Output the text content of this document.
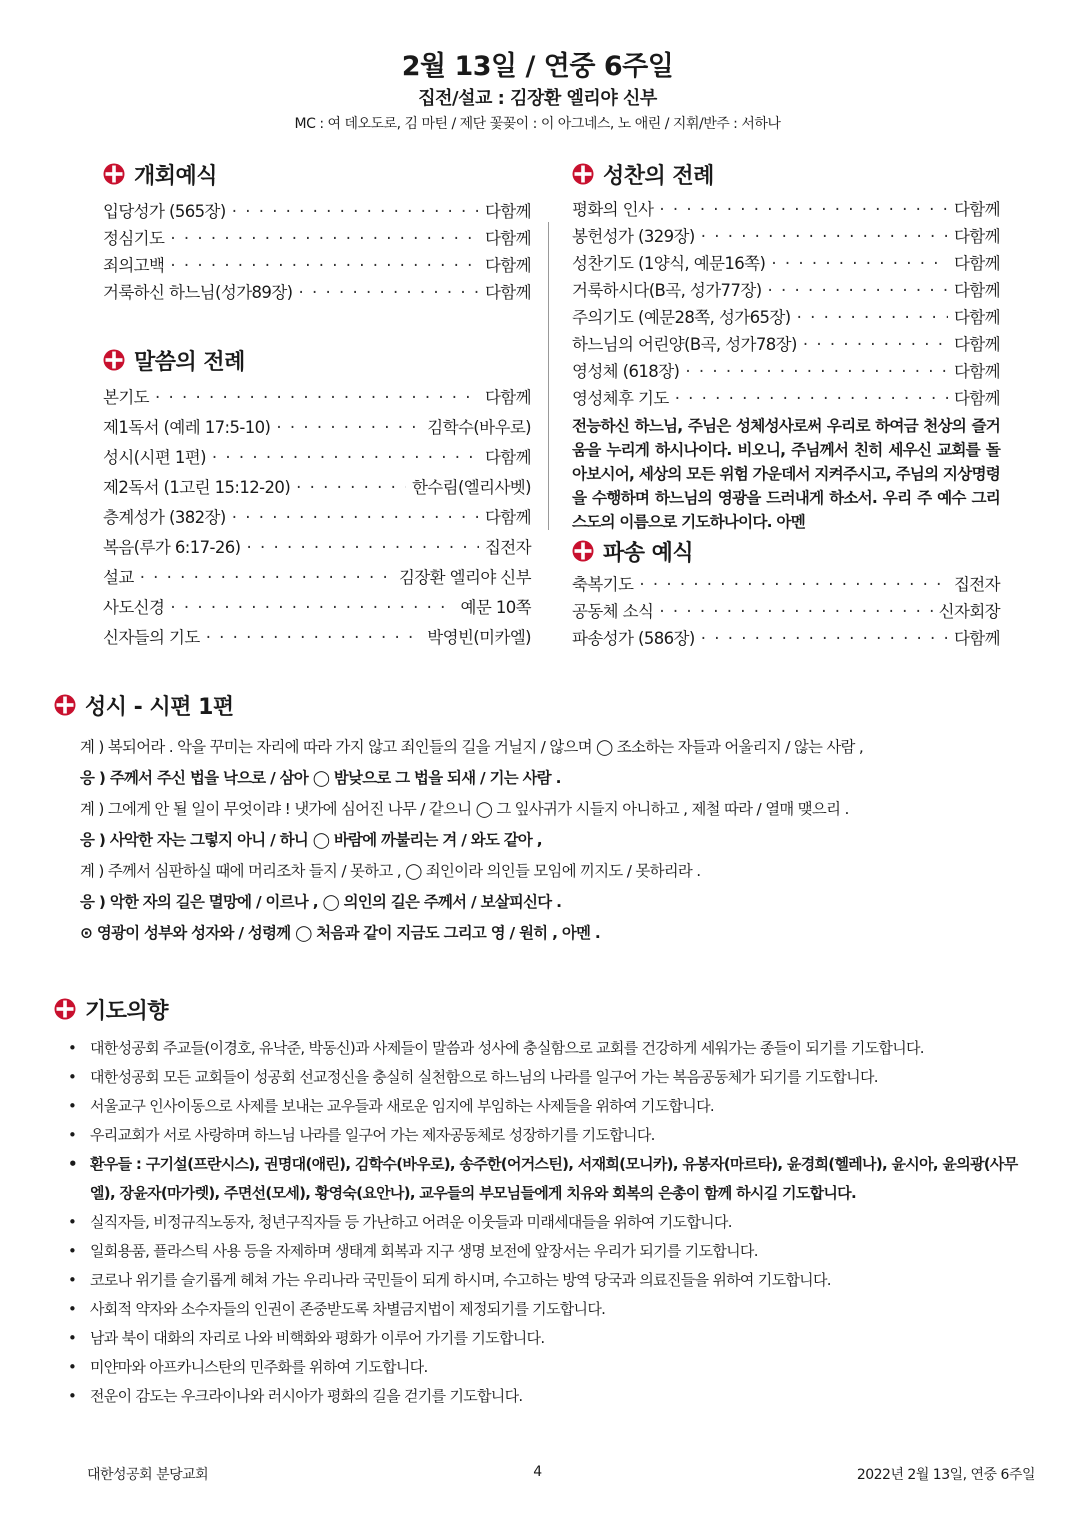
2월 13일 / 연중 6주일
집전/설교 : 김장환 엘리야 신부
MC : 여 데오도로, 김 마틴 / 제단 꽃꽂이 : 이 아그네스, 노 애린 / 지휘/반주 : 서하나
개회예식
입당성가 (565장) · · ·	다함께
정심기도 · · ·	다함께
죄의고백 · · ·	다함께
거룩하신 하느님(성가89장) · · ·	다함께
말씀의 전례
본기도 · · ·	다함께
제1독서 (예레 17:5-10) · · ·	김학수(바우로)
성시(시편 1편) · · ·	다함께
제2독서 (1고린 15:12-20) · · ·	한수림(엘리사벳)
층계성가 (382장) · · ·	다함께
복음(루가 6:17-26) · · ·	집전자
설교 · · ·	김장환 엘리야 신부
사도신경 · · ·	예문 10쪽
신자들의 기도 · · ·	박영빈(미카엘)
성찬의 전례
평화의 인사 · · ·	다함께
봉헌성가 (329장) · · ·	다함께
성찬기도 (1양식, 예문16쪽) · · ·	다함께
거룩하시다(B곡, 성가77장) · · ·	다함께
주의기도 (예문28쪽, 성가65장) · · ·	다함께
하느님의 어린양(B곡, 성가78장) · · ·	다함께
영성체 (618장) · · ·	다함께
영성체후 기도 · · ·	다함께
전능하신 하느님, 주님은 성체성사로써 우리로 하여금 천상의 즐거움을 누리게 하시나이다. 비오니, 주님께서 친히 세우신 교회를 돌아보시어, 세상의 모든 위험 가운데서 지켜주시고, 주님의 지상명령을 수행하며 하느님의 영광을 드러내게 하소서. 우리 주 예수 그리스도의 이름으로 기도하나이다. 아멘
파송 예식
축복기도 · · ·	집전자
공동체 소식 · · ·	신자회장
파송성가 (586장) · · ·	다함께
성시 - 시편 1편
계 ) 복되어라 . 악을 꾸미는 자리에 따라 가지 않고 죄인들의 길을 거닐지 / 않으며 ◯ 조소하는 자들과 어울리지 / 않는 사람 ,
응 ) 주께서 주신 법을 낙으로 / 삼아 ◯ 밤낮으로 그 법을 되새 / 기는 사람 .
계 ) 그에게 안 될 일이 무엇이랴 ! 냇가에 심어진 나무 / 같으니 ◯ 그 잎사귀가 시들지 아니하고 , 제철 따라 / 열매 맺으리 .
응 ) 사악한 자는 그렇지 아니 / 하니 ◯ 바람에 까불리는 겨 / 와도 같아 ,
계 ) 주께서 심판하실 때에 머리조차 들지 / 못하고 , ◯ 죄인이라 의인들 모임에 끼지도 / 못하리라 .
응 ) 악한 자의 길은 멸망에 / 이르나 , ◯ 의인의 길은 주께서 / 보살피신다 .
⊙ 영광이 성부와 성자와 / 성령께 ◯ 처음과 같이 지금도 그리고 영 / 원히 , 아멘 .
기도의향
• 대한성공회 주교들(이경호, 유낙준, 박동신)과 사제들이 말씀과 성사에 충실함으로 교회를 건강하게 세워가는 종들이 되기를 기도합니다.
• 대한성공회 모든 교회들이 성공회 선교정신을 충실히 실천함으로 하느님의 나라를 일구어 가는 복음공동체가 되기를 기도합니다.
• 서울교구 인사이동으로 사제를 보내는 교우들과 새로운 임지에 부임하는 사제들을 위하여 기도합니다.
• 우리교회가 서로 사랑하며 하느님 나라를 일구어 가는 제자공동체로 성장하기를 기도합니다.
• 환우들 : 구기설(프란시스), 권명대(애린), 김학수(바우로), 송주한(어거스틴), 서재희(모니카), 유봉자(마르타), 윤경희(헬레나), 윤시아, 윤의광(사무엘), 장윤자(마가렛), 주면선(모세), 황영숙(요안나), 교우들의 부모님들에게 치유와 회복의 은총이 함께 하시길 기도합니다.
• 실직자들, 비정규직노동자, 청년구직자들 등 가난하고 어려운 이웃들과 미래세대들을 위하여 기도합니다.
• 일회용품, 플라스틱 사용 등을 자제하며 생태계 회복과 지구 생명 보전에 앞장서는 우리가 되기를 기도합니다.
• 코로나 위기를 슬기롭게 헤쳐 가는 우리나라 국민들이 되게 하시며, 수고하는 방역 당국과 의료진들을 위하여 기도합니다.
• 사회적 약자와 소수자들의 인권이 존중받도록 차별금지법이 제정되기를 기도합니다.
• 남과 북이 대화의 자리로 나와 비핵화와 평화가 이루어 가기를 기도합니다.
• 미얀마와 아프카니스탄의 민주화를 위하여 기도합니다.
• 전운이 감도는 우크라이나와 러시아가 평화의 길을 걷기를 기도합니다.
대한성공회 분당교회	4	2022년 2월 13일, 연중 6주일
